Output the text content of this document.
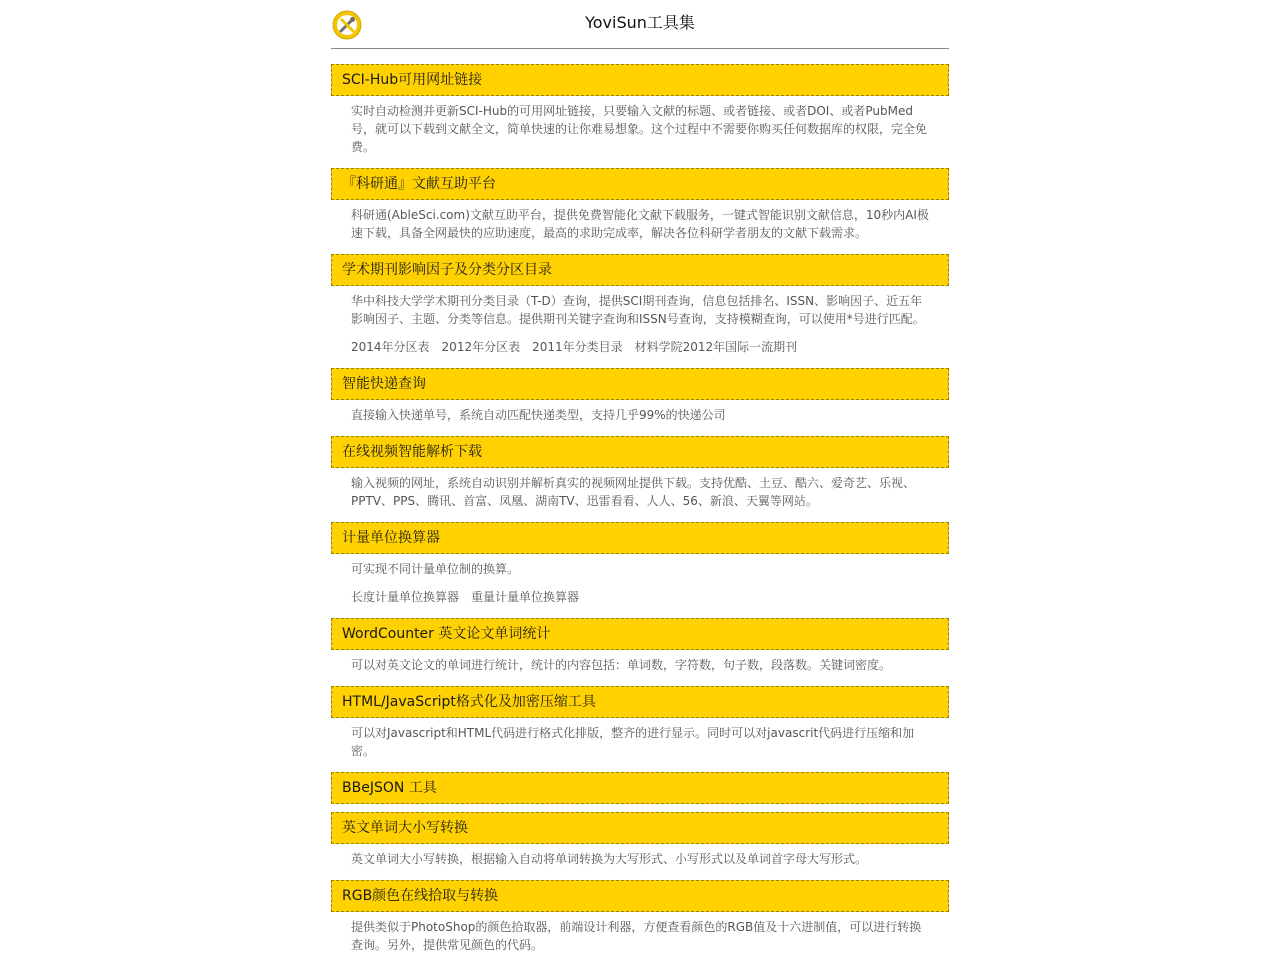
YoviSun工具集
SCI-Hub可用网址链接
实时自动检测并更新SCI-Hub的可用网址链接，只要输入文献的标题、或者链接、或者DOI、或者PubMed号，就可以下载到文献全文，简单快速的让你难易想象。这个过程中不需要你购买任何数据库的权限，完全免费。
『科研通』文献互助平台
科研通(AbleSci.com)文献互助平台，提供免费智能化文献下载服务，一键式智能识别文献信息，10秒内AI极速下载，具备全网最快的应助速度，最高的求助完成率，解决各位科研学者朋友的文献下载需求。
学术期刊影响因子及分类分区目录
华中科技大学学术期刊分类目录（T-D）查询，提供SCI期刊查询，信息包括排名、ISSN、影响因子、近五年影响因子、主题、分类等信息。提供期刊关键字查询和ISSN号查询，支持模糊查询，可以使用*号进行匹配。
2014年分区表 2012年分区表 2011年分类目录 材料学院2012年国际一流期刊
智能快递查询
直接输入快递单号，系统自动匹配快递类型，支持几乎99%的快递公司
在线视频智能解析下载
输入视频的网址，系统自动识别并解析真实的视频网址提供下载。支持优酷、土豆、酷六、爱奇艺、乐视、PPTV、PPS、腾讯、首富、凤凰、湖南TV、迅雷看看、人人、56、新浪、天翼等网站。
计量单位换算器
可实现不同计量单位制的换算。
长度计量单位换算器 重量计量单位换算器
WordCounter 英文论文单词统计
可以对英文论文的单词进行统计，统计的内容包括：单词数，字符数，句子数，段落数。关键词密度。
HTML/JavaScript格式化及加密压缩工具
可以对Javascript和HTML代码进行格式化排版，整齐的进行显示。同时可以对javascrit代码进行压缩和加密。
BBeJSON 工具
英文单词大小写转换
英文单词大小写转换，根据输入自动将单词转换为大写形式、小写形式以及单词首字母大写形式。
RGB颜色在线拾取与转换
提供类似于PhotoShop的颜色拾取器，前端设计利器，方便查看颜色的RGB值及十六进制值，可以进行转换查询。另外，提供常见颜色的代码。
